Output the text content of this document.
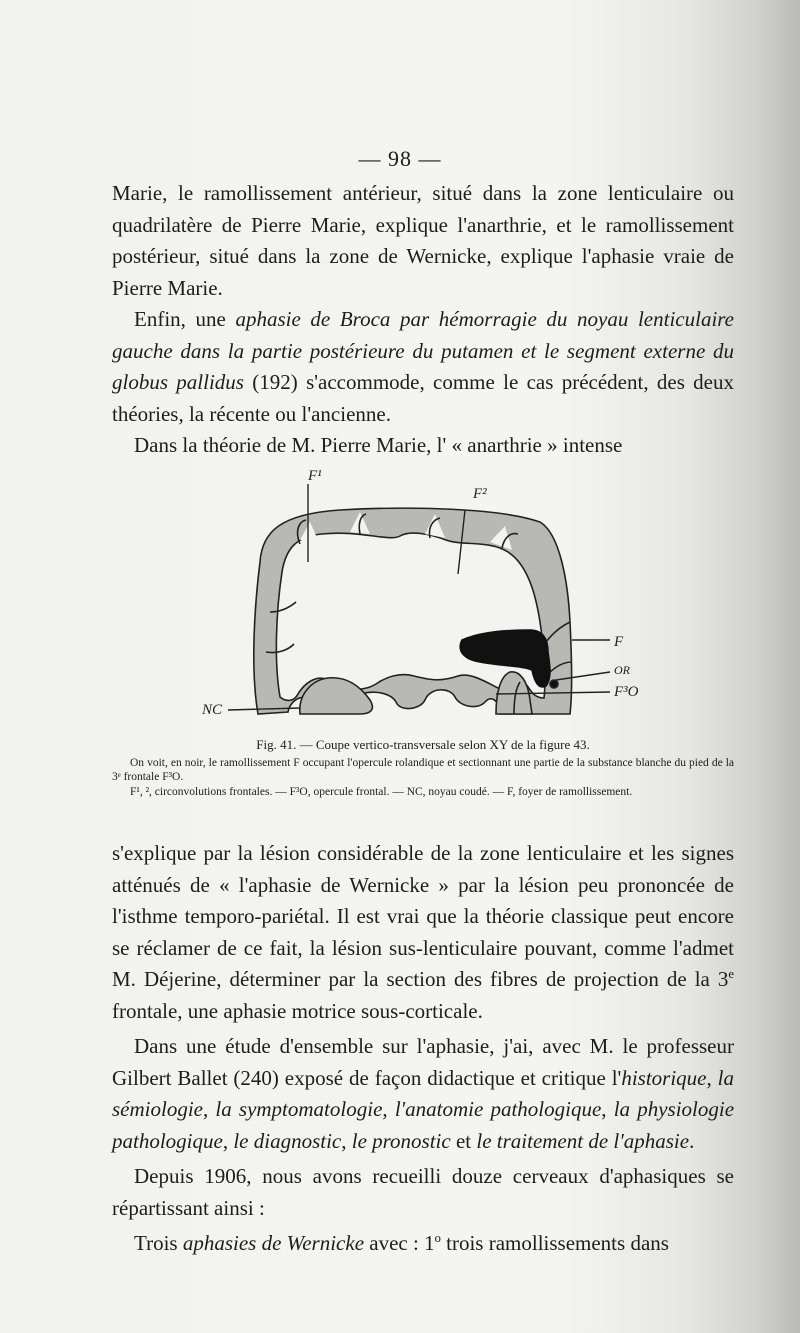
— 98 —

Marie, le ramollissement antérieur, situé dans la zone lenticulaire ou quadrilatère de Pierre Marie, explique l'anarthrie, et le ramollissement postérieur, situé dans la zone de Wernicke, explique l'aphasie vraie de Pierre Marie.

Enfin, une aphasie de Broca par hémorragie du noyau lenticulaire gauche dans la partie postérieure du putamen et le segment externe du globus pallidus (192) s'accommode, comme le cas précédent, des deux théories, la récente ou l'ancienne.

Dans la théorie de M. Pierre Marie, l' « anarthrie » intense

F¹
F²
F
OR
F³O
NC
Fig. 41. — Coupe vertico-transversale selon XY de la figure 43.

On voit, en noir, le ramollissement F occupant l'opercule rolandique et sectionnant une partie de la substance blanche du pied de la 3ᵉ frontale F³O.

F¹, ², circonvolutions frontales. — F³O, opercule frontal. — NC, noyau coudé. — F, foyer de ramollissement.

s'explique par la lésion considérable de la zone lenticulaire et les signes atténués de « l'aphasie de Wernicke » par la lésion peu prononcée de l'isthme temporo-pariétal. Il est vrai que la théorie classique peut encore se réclamer de ce fait, la lésion sus-lenticulaire pouvant, comme l'admet M. Déjerine, déterminer par la section des fibres de projection de la 3e frontale, une aphasie motrice sous-corticale.

Dans une étude d'ensemble sur l'aphasie, j'ai, avec M. le professeur Gilbert Ballet (240) exposé de façon didactique et critique l'historique, la sémiologie, la symptomatologie, l'anatomie pathologique, la physiologie pathologique, le diagnostic, le pronostic et le traitement de l'aphasie.

Depuis 1906, nous avons recueilli douze cerveaux d'aphasiques se répartissant ainsi :

Trois aphasies de Wernicke avec : 1$^o$ trois ramollissements dans
